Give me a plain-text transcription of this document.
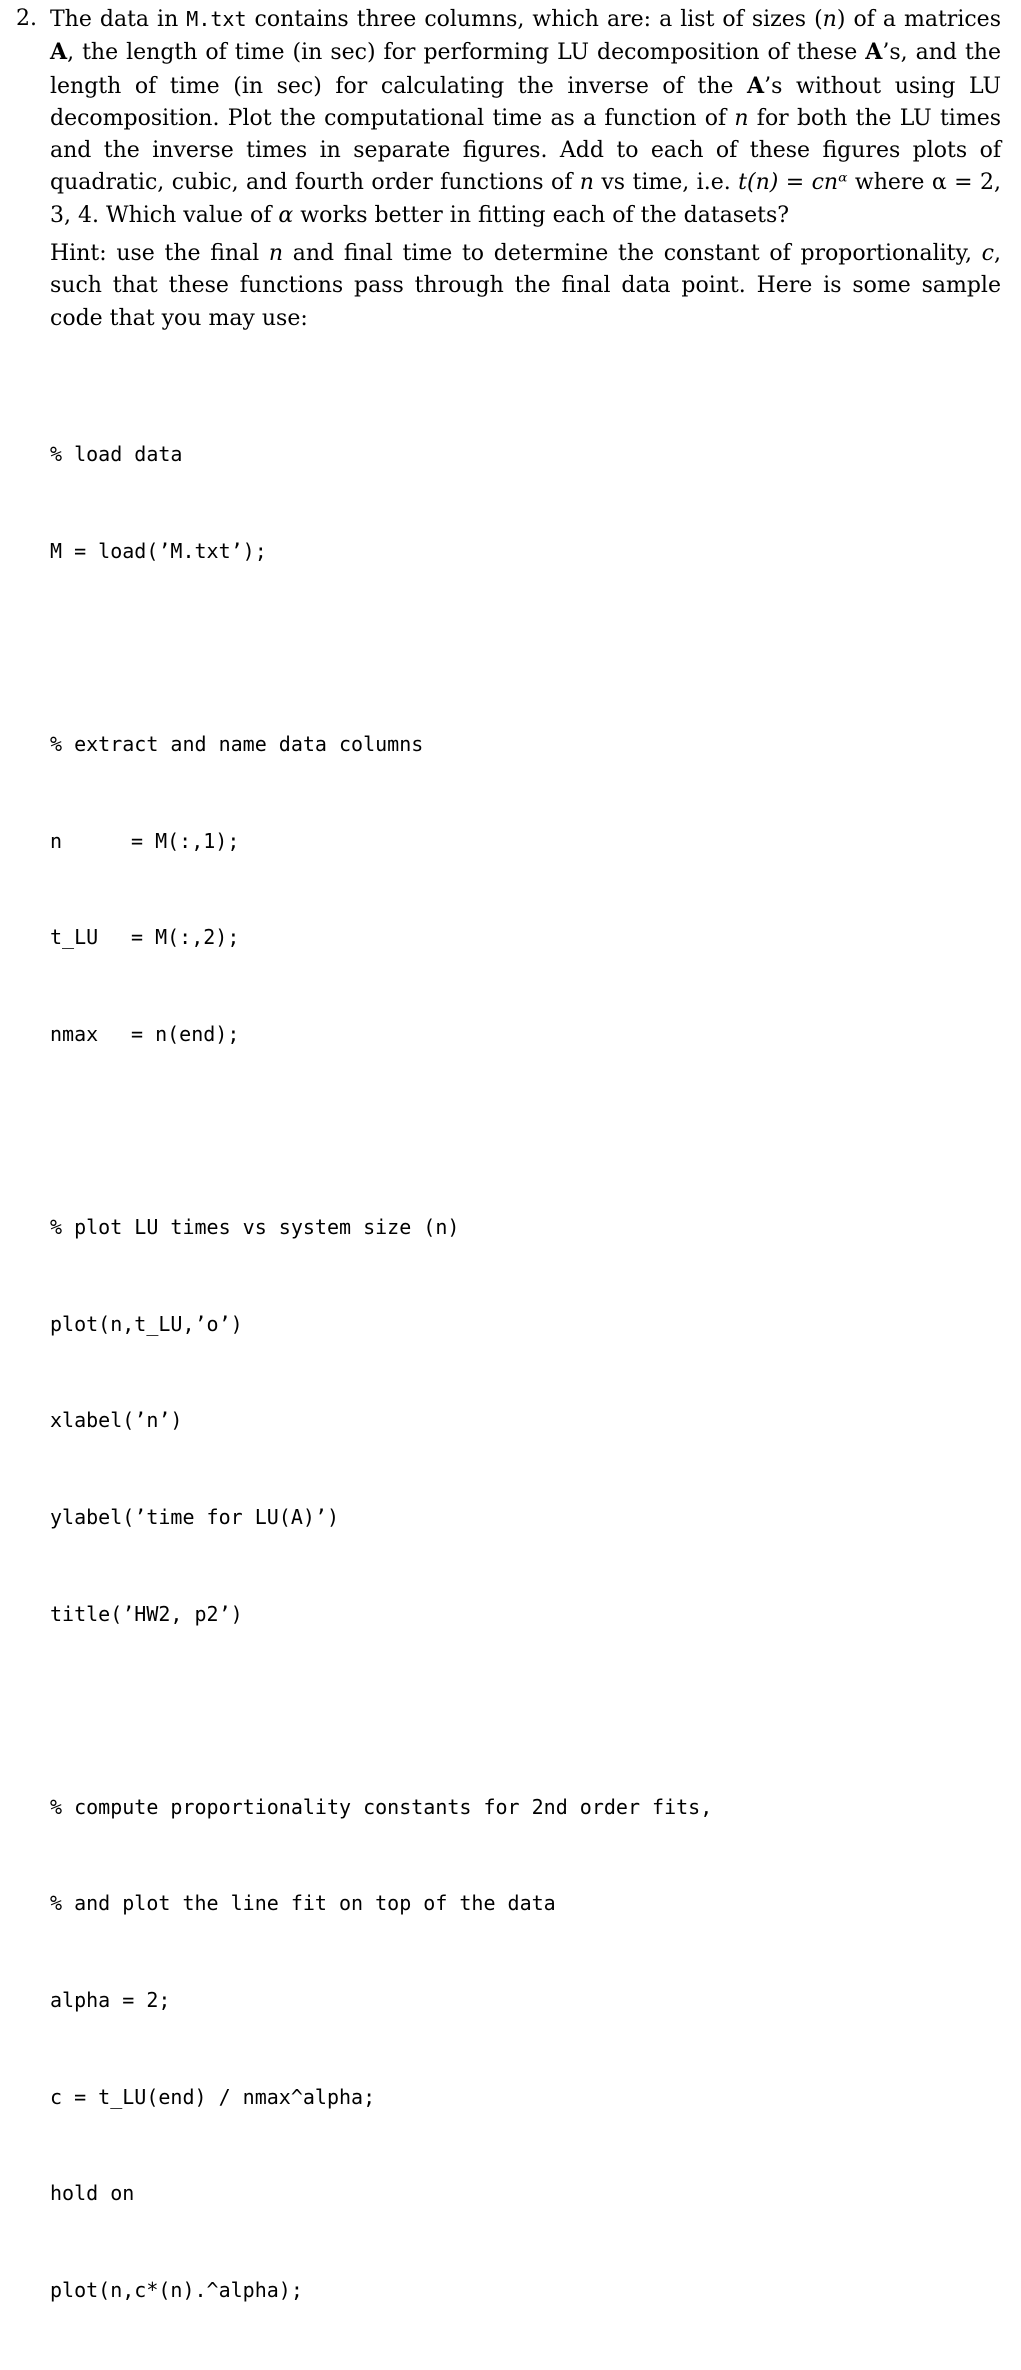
2. The data in M.txt contains three columns, which are: a list of sizes (n) of a matrices A, the length of time (in sec) for performing LU decomposition of these A’s, and the length of time (in sec) for calculating the inverse of the A’s without using LU decomposition. Plot the computational time as a function of n for both the LU times and the inverse times in separate figures. Add to each of these figures plots of quadratic, cubic, and fourth order functions of n vs time, i.e. t(n) = cnᵅ where α = 2, 3, 4. Which value of α works better in fitting each of the datasets?
Hint: use the final n and final time to determine the constant of proportionality, c, such that these functions pass through the final data point. Here is some sample code that you may use:

% load data

M = load(’M.txt’);

% extract and name data columns

n	= M(:,1);

t_LU = M(:,2);

nmax = n(end);

% plot LU times vs system size (n)

plot(n,t_LU,’o’)

xlabel(’n’)

ylabel(’time for LU(A)’)

title(’HW2, p2’)

% compute proportionality constants for 2nd order fits,

% and plot the line fit on top of the data

alpha = 2;

c = t_LU(end) / nmax^alpha;

hold on

plot(n,c*(n).^alpha);
